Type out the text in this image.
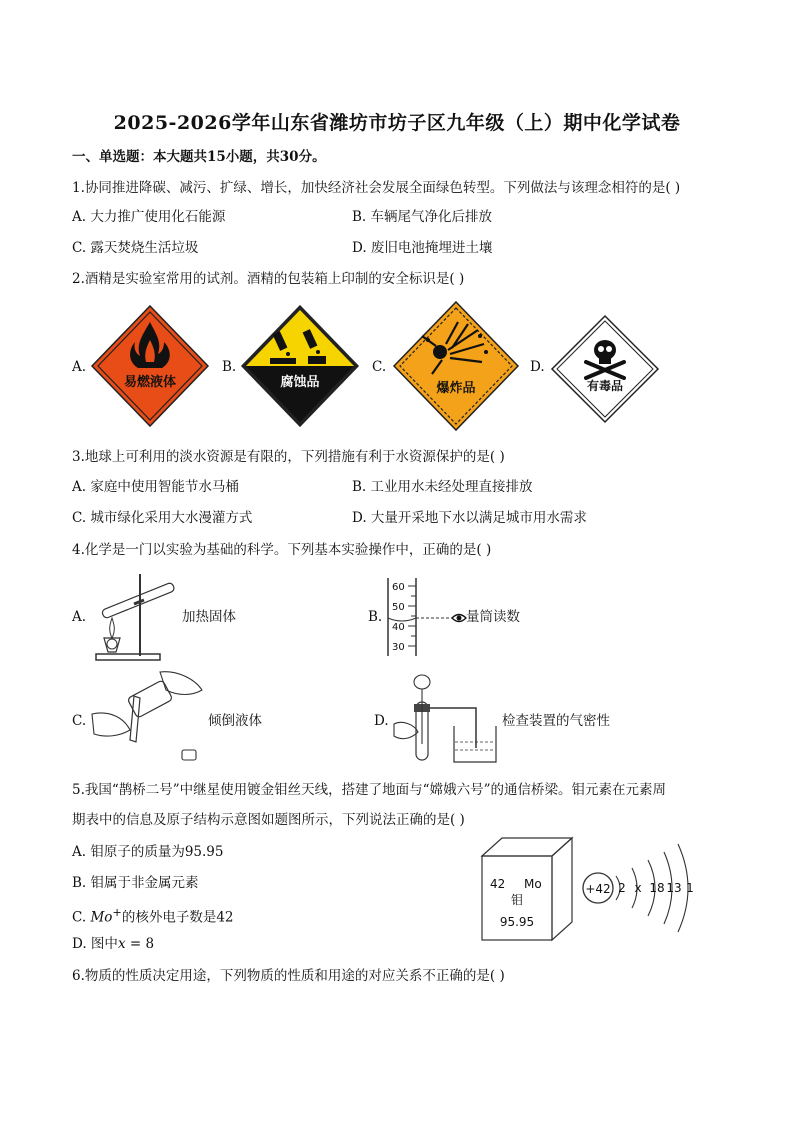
2025-2026学年山东省潍坊市坊子区九年级（上）期中化学试卷
一、单选题：本大题共15小题，共30分。
1.协同推进降碳、减污、扩绿、增长，加快经济社会发展全面绿色转型。下列做法与该理念相符的是( )
A. 大力推广使用化石能源	B. 车辆尾气净化后排放
C. 露天焚烧生活垃圾	D. 废旧电池掩埋进土壤
2.酒精是实验室常用的试剂。酒精的包装箱上印制的安全标识是( )
A.	B.	C.	D.
易燃液体	腐蚀品	爆炸品	有毒品
3.地球上可利用的淡水资源是有限的，下列措施有利于水资源保护的是( )
A. 家庭中使用智能节水马桶	B. 工业用水未经处理直接排放
C. 城市绿化采用大水漫灌方式	D. 大量开采地下水以满足城市用水需求
4.化学是一门以实验为基础的科学。下列基本实验操作中，正确的是( )
A.	加热固体	B.
60
50
40
30
量筒读数
C.	倾倒液体	D.	检查装置的气密性
5.我国“鹊桥二号”中继星使用镀金钼丝天线，搭建了地面与“嫦娥六号”的通信桥梁。钼元素在元素周
期表中的信息及原子结构示意图如题图所示，下列说法正确的是( )
A. 钼原子的质量为95.95
B. 钼属于非金属元素
C. Mo+的核外电子数是42
D. 图中x = 8
42 Mo
钼
95.95
+42 2 x 18 13 1
6.物质的性质决定用途，下列物质的性质和用途的对应关系不正确的是( )
